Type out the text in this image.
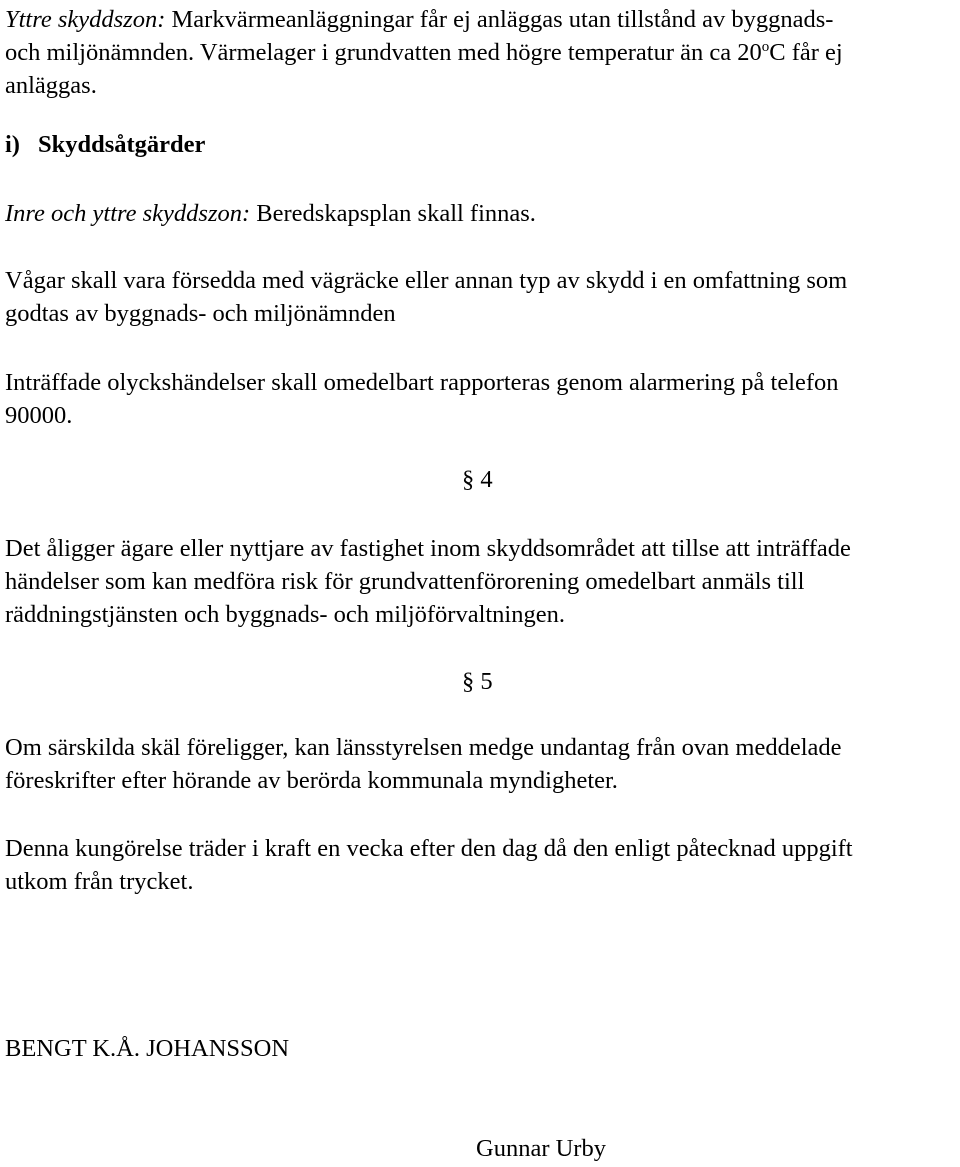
Yttre skyddszon: Markvärmeanläggningar får ej anläggas utan tillstånd av byggnads-
och miljönämnden. Värmelager i grundvatten med högre temperatur än ca 20$^o$C får ej
anläggas.
i) Skyddsåtgärder
Inre och yttre skyddszon: Beredskapsplan skall finnas.
Vågar skall vara försedda med vägräcke eller annan typ av skydd i en omfattning som
godtas av byggnads- och miljönämnden
Inträffade olyckshändelser skall omedelbart rapporteras genom alarmering på telefon
90000.
§ 4
Det åligger ägare eller nyttjare av fastighet inom skyddsområdet att tillse att inträffade
händelser som kan medföra risk för grundvattenförorening omedelbart anmäls till
räddningstjänsten och byggnads- och miljöförvaltningen.
§ 5
Om särskilda skäl föreligger, kan länsstyrelsen medge undantag från ovan meddelade
föreskrifter efter hörande av berörda kommunala myndigheter.
Denna kungörelse träder i kraft en vecka efter den dag då den enligt påtecknad uppgift
utkom från trycket.
BENGT K.Å. JOHANSSON
Gunnar Urby
